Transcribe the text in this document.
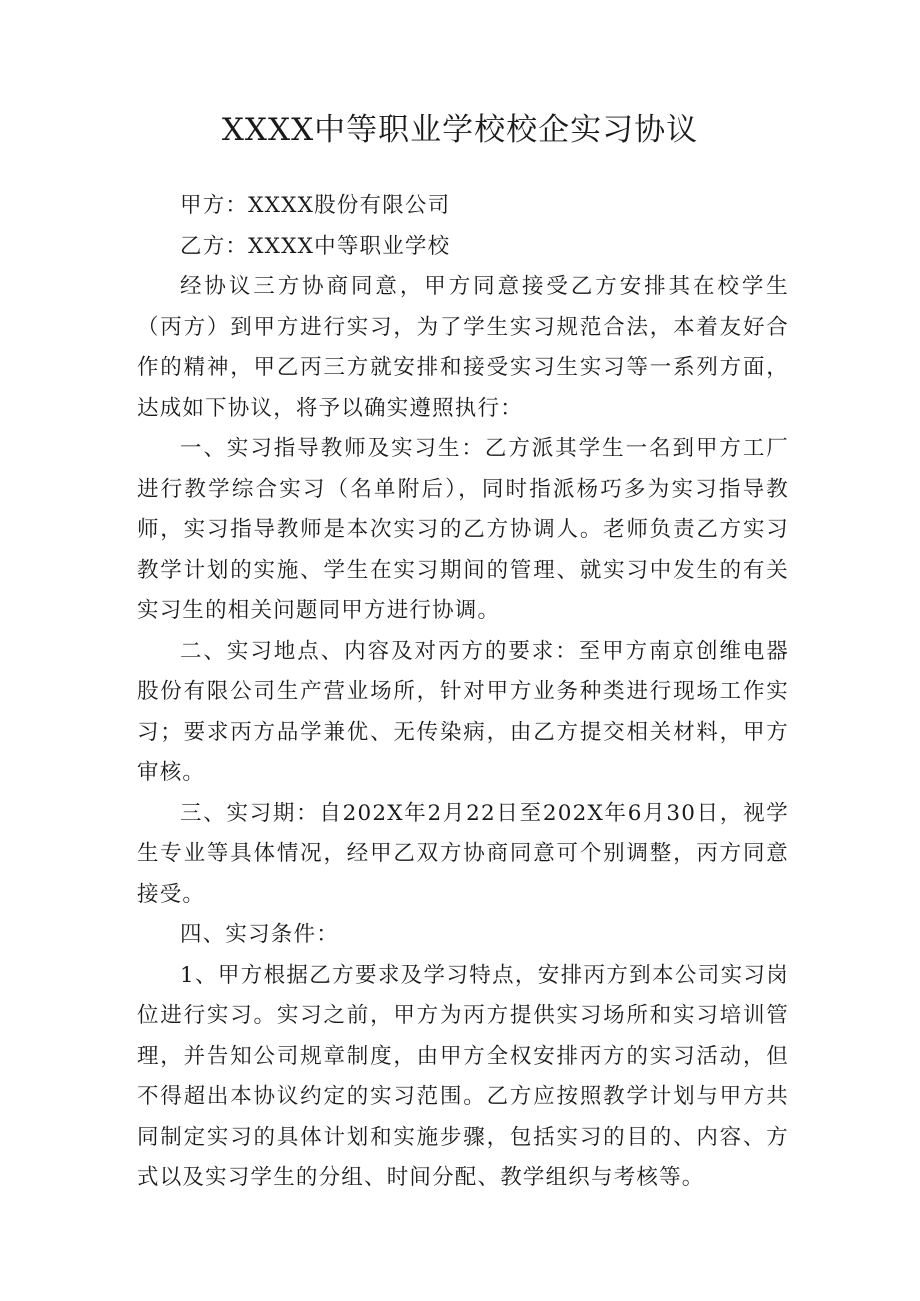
XXXX中等职业学校校企实习协议

甲方：XXXX股份有限公司

乙方：XXXX中等职业学校

经协议三方协商同意，甲方同意接受乙方安排其在校学生（丙方）到甲方进行实习，为了学生实习规范合法，本着友好合作的精神，甲乙丙三方就安排和接受实习生实习等一系列方面，达成如下协议，将予以确实遵照执行：

一、实习指导教师及实习生：乙方派其学生一名到甲方工厂进行教学综合实习（名单附后），同时指派杨巧多为实习指导教师，实习指导教师是本次实习的乙方协调人。老师负责乙方实习教学计划的实施、学生在实习期间的管理、就实习中发生的有关实习生的相关问题同甲方进行协调。

二、实习地点、内容及对丙方的要求：至甲方南京创维电器股份有限公司生产营业场所，针对甲方业务种类进行现场工作实习；要求丙方品学兼优、无传染病，由乙方提交相关材料，甲方审核。

三、实习期：自202X年2月22日至202X年6月30日，视学生专业等具体情况，经甲乙双方协商同意可个别调整，丙方同意接受。

四、实习条件：

1、甲方根据乙方要求及学习特点，安排丙方到本公司实习岗位进行实习。实习之前，甲方为丙方提供实习场所和实习培训管理，并告知公司规章制度，由甲方全权安排丙方的实习活动，但不得超出本协议约定的实习范围。乙方应按照教学计划与甲方共同制定实习的具体计划和实施步骤，包括实习的目的、内容、方式以及实习学生的分组、时间分配、教学组织与考核等。
